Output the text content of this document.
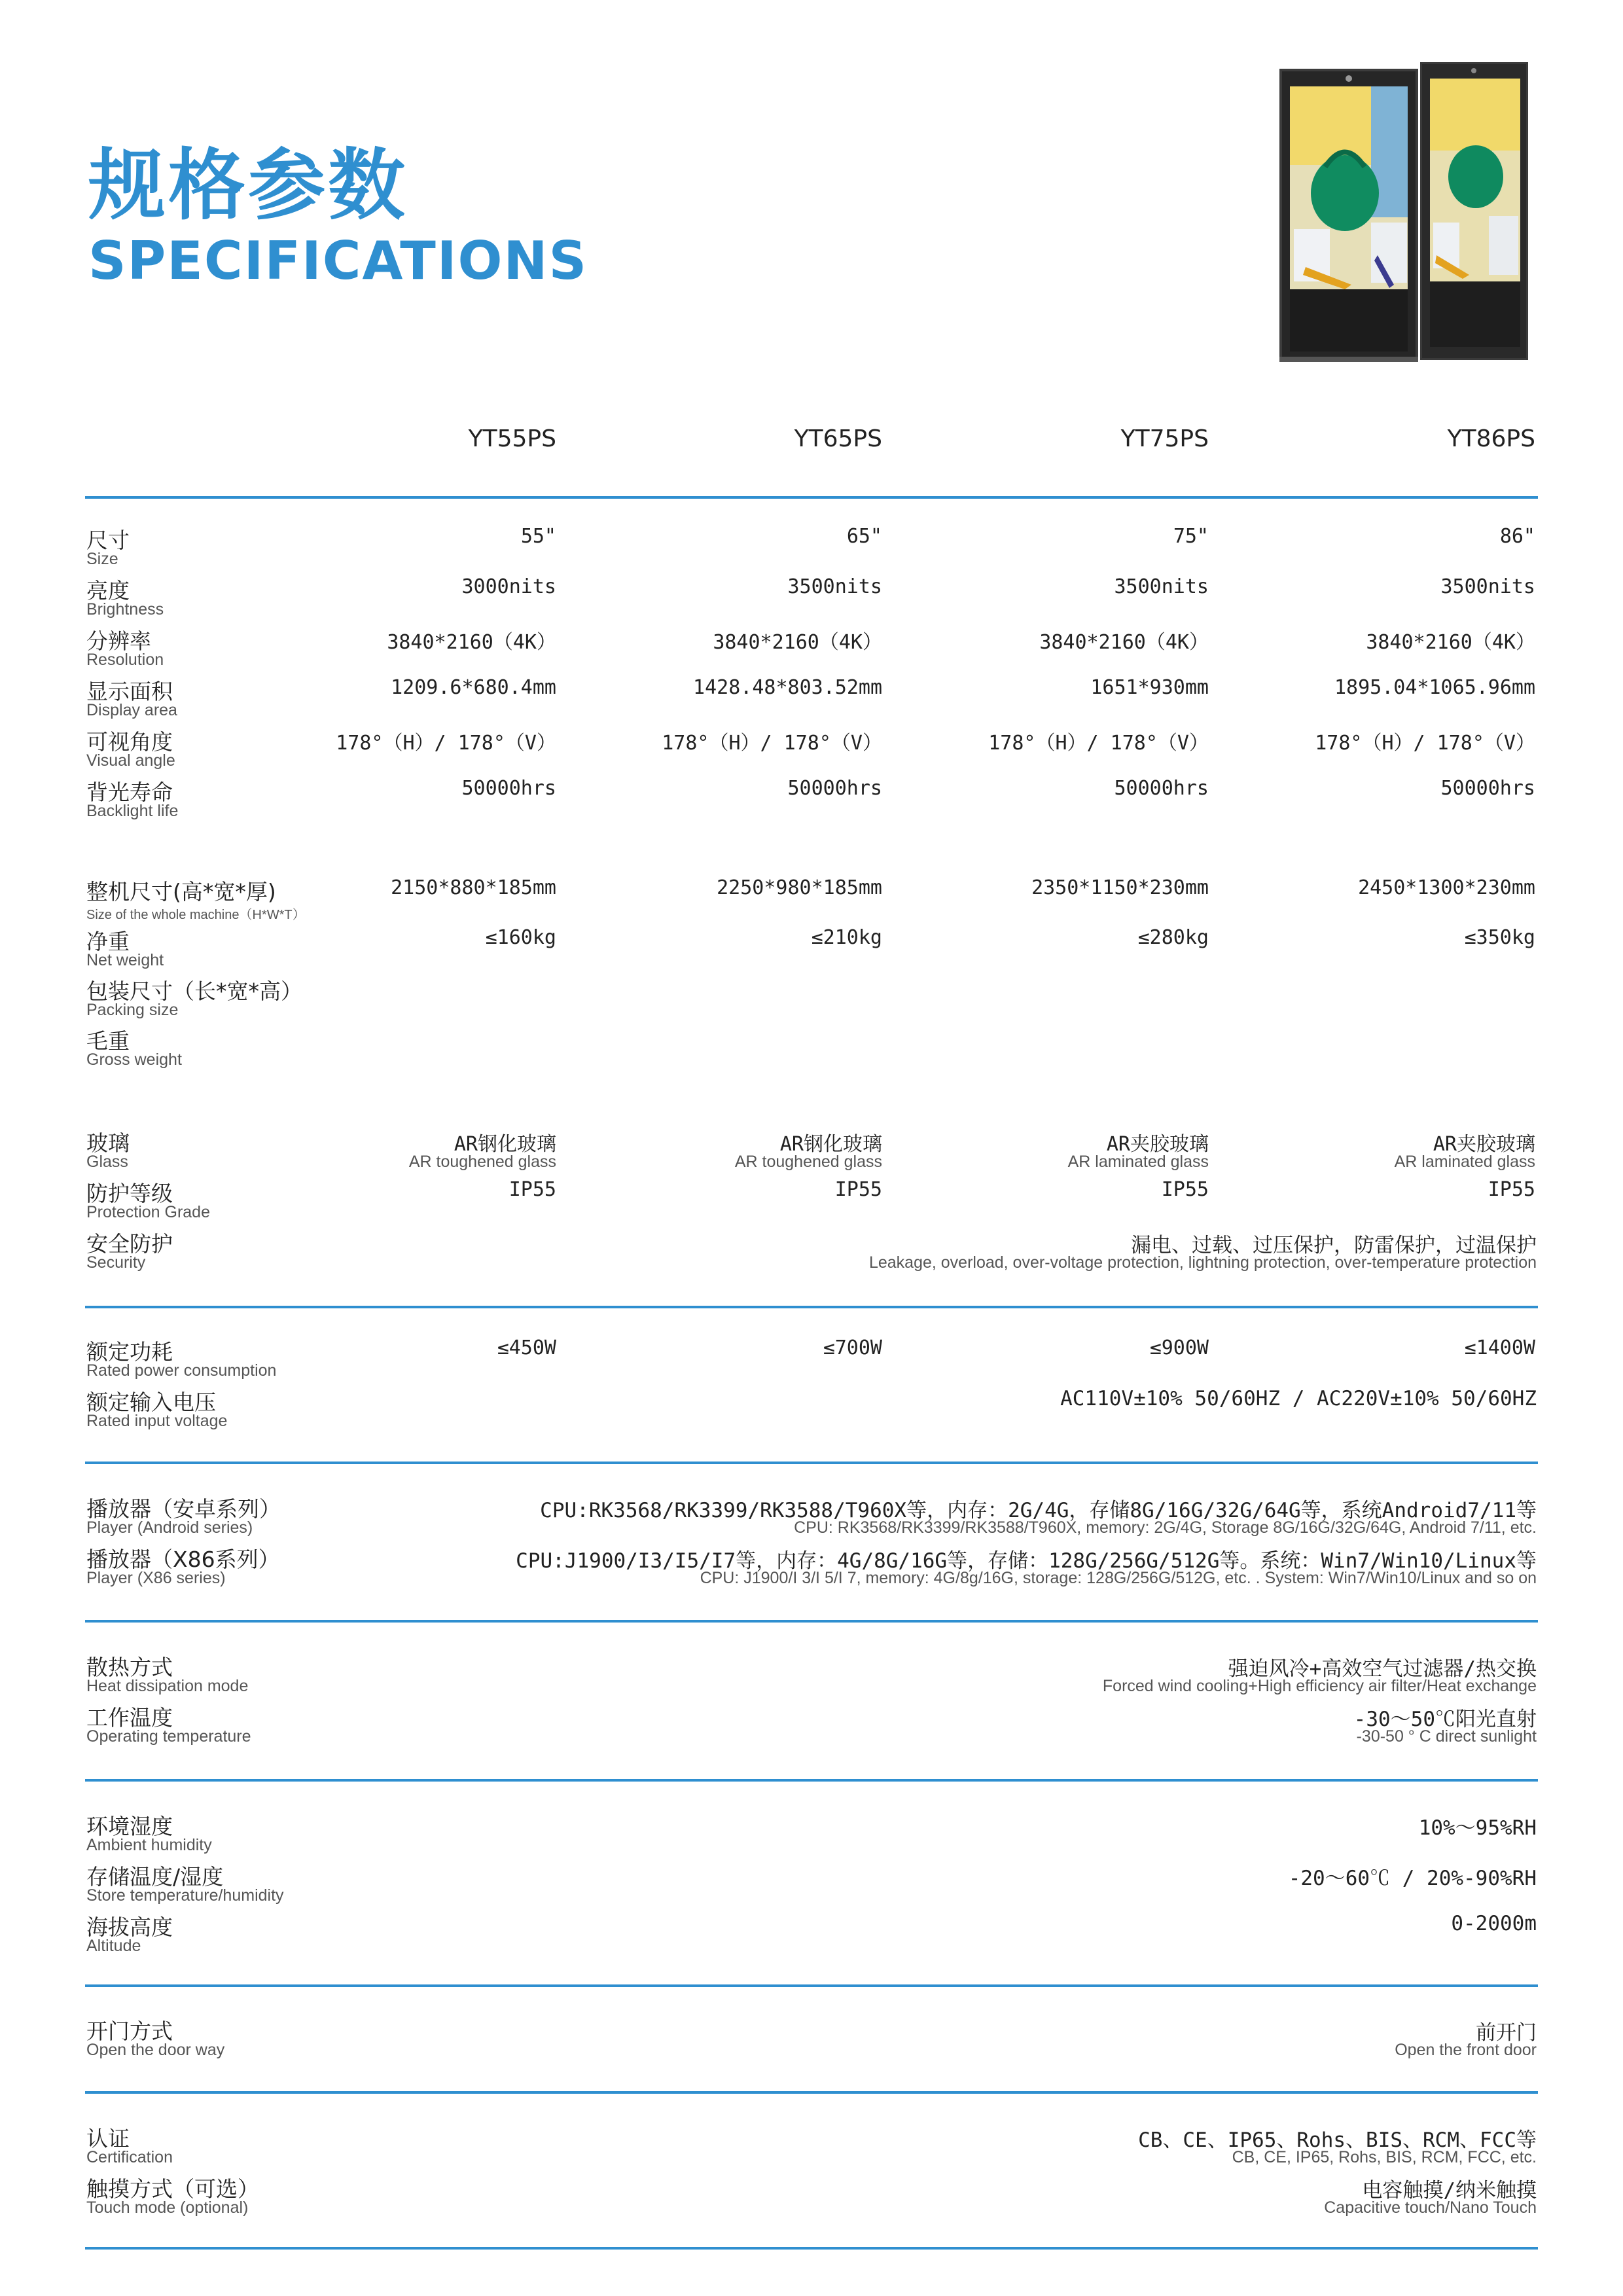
规格参数
SPECIFICATIONS
YT55PS	YT65PS	YT75PS	YT86PS
尺寸
Size
55"	65"	75"	86"
亮度
Brightness
3000nits	3500nits	3500nits	3500nits
分辨率
Resolution
3840*2160（4K）	3840*2160（4K）	3840*2160（4K）	3840*2160（4K）
显示面积
Display area
1209.6*680.4mm	1428.48*803.52mm	1651*930mm	1895.04*1065.96mm
可视角度
Visual angle
178°（H）/ 178°（V）	178°（H）/ 178°（V）	178°（H）/ 178°（V）	178°（H）/ 178°（V）
背光寿命
Backlight life
50000hrs	50000hrs	50000hrs	50000hrs
整机尺寸(高*宽*厚)
Size of the whole machine（H*W*T）
2150*880*185mm	2250*980*185mm	2350*1150*230mm	2450*1300*230mm
净重
Net weight
≤160kg	≤210kg	≤280kg	≤350kg
包装尺寸（长*宽*高）
Packing size
毛重
Gross weight
玻璃
Glass
AR钢化玻璃	AR钢化玻璃	AR夹胶玻璃	AR夹胶玻璃
AR toughened glass	AR toughened glass	AR laminated glass	AR laminated glass
防护等级
Protection Grade
IP55	IP55	IP55	IP55
安全防护
Security
漏电、过载、过压保护，防雷保护，过温保护
Leakage, overload, over-voltage protection, lightning protection, over-temperature protection
额定功耗
Rated power consumption
≤450W	≤700W	≤900W	≤1400W
额定输入电压
Rated input voltage
AC110V±10% 50/60HZ / AC220V±10% 50/60HZ
播放器（安卓系列）
Player (Android series)
CPU:RK3568/RK3399/RK3588/T960X等，内存：2G/4G，存储8G/16G/32G/64G等，系统Android7/11等
CPU: RK3568/RK3399/RK3588/T960X, memory: 2G/4G, Storage 8G/16G/32G/64G, Android 7/11, etc.
播放器（X86系列）
Player (X86 series)
CPU:J1900/I3/I5/I7等，内存：4G/8G/16G等，存储：128G/256G/512G等。系统：Win7/Win10/Linux等
CPU: J1900/I 3/I 5/I 7, memory: 4G/8g/16G, storage: 128G/256G/512G, etc. . System: Win7/Win10/Linux and so on
散热方式
Heat dissipation mode
强迫风冷+高效空气过滤器/热交换
Forced wind cooling+High efficiency air filter/Heat exchange
工作温度
Operating temperature
-30～50℃阳光直射
-30-50 ° C direct sunlight
环境湿度
Ambient humidity
10%～95%RH
存储温度/湿度
Store temperature/humidity
-20～60℃ / 20%-90%RH
海拔高度
Altitude
0-2000m
开门方式
Open the door way
前开门
Open the front door
认证
Certification
CB、CE、IP65、Rohs、BIS、RCM、FCC等
CB, CE, IP65, Rohs, BIS, RCM, FCC, etc.
触摸方式（可选）
Touch mode (optional)
电容触摸/纳米触摸
Capacitive touch/Nano Touch
